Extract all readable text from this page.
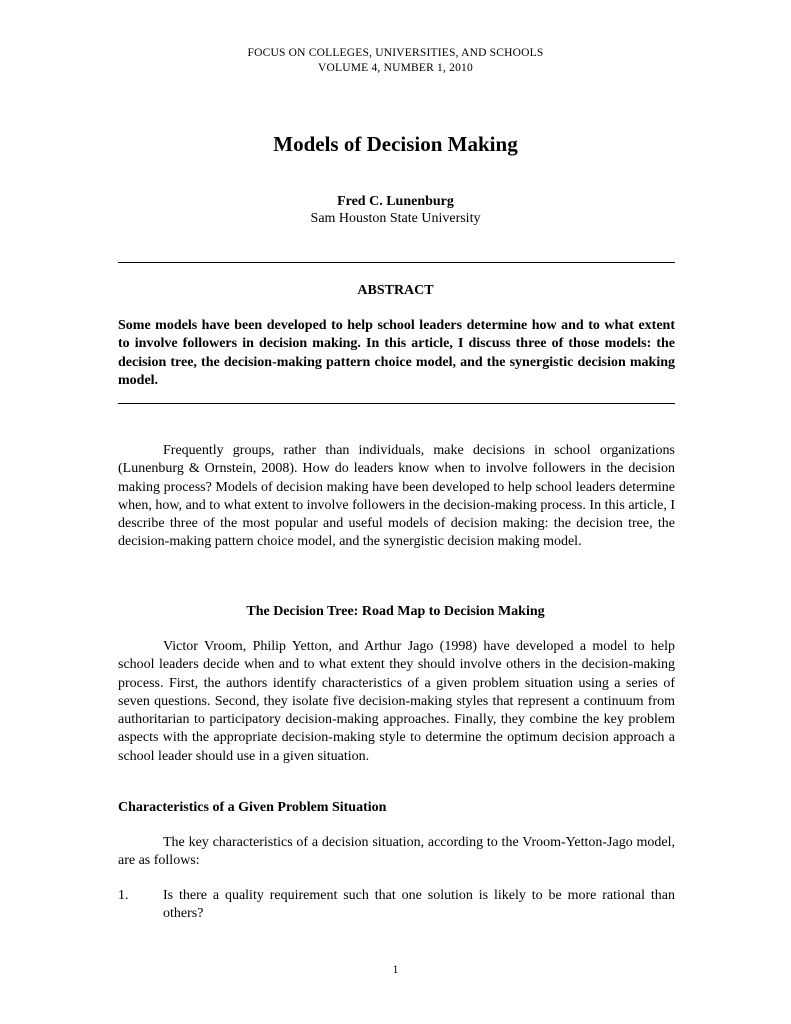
FOCUS ON COLLEGES, UNIVERSITIES, AND SCHOOLS
VOLUME 4, NUMBER 1, 2010
Models of Decision Making
Fred C. Lunenburg
Sam Houston State University
ABSTRACT
Some models have been developed to help school leaders determine how and to what extent to involve followers in decision making. In this article, I discuss three of those models: the decision tree, the decision-making pattern choice model, and the synergistic decision making model.
Frequently groups, rather than individuals, make decisions in school organizations (Lunenburg & Ornstein, 2008). How do leaders know when to involve followers in the decision making process? Models of decision making have been developed to help school leaders determine when, how, and to what extent to involve followers in the decision-making process. In this article, I describe three of the most popular and useful models of decision making: the decision tree, the decision-making pattern choice model, and the synergistic decision making model.
The Decision Tree: Road Map to Decision Making
Victor Vroom, Philip Yetton, and Arthur Jago (1998) have developed a model to help school leaders decide when and to what extent they should involve others in the decision-making process. First, the authors identify characteristics of a given problem situation using a series of seven questions. Second, they isolate five decision-making styles that represent a continuum from authoritarian to participatory decision-making approaches. Finally, they combine the key problem aspects with the appropriate decision-making style to determine the optimum decision approach a school leader should use in a given situation.
Characteristics of a Given Problem Situation
The key characteristics of a decision situation, according to the Vroom-Yetton-Jago model, are as follows:
1. Is there a quality requirement such that one solution is likely to be more rational than others?
1
